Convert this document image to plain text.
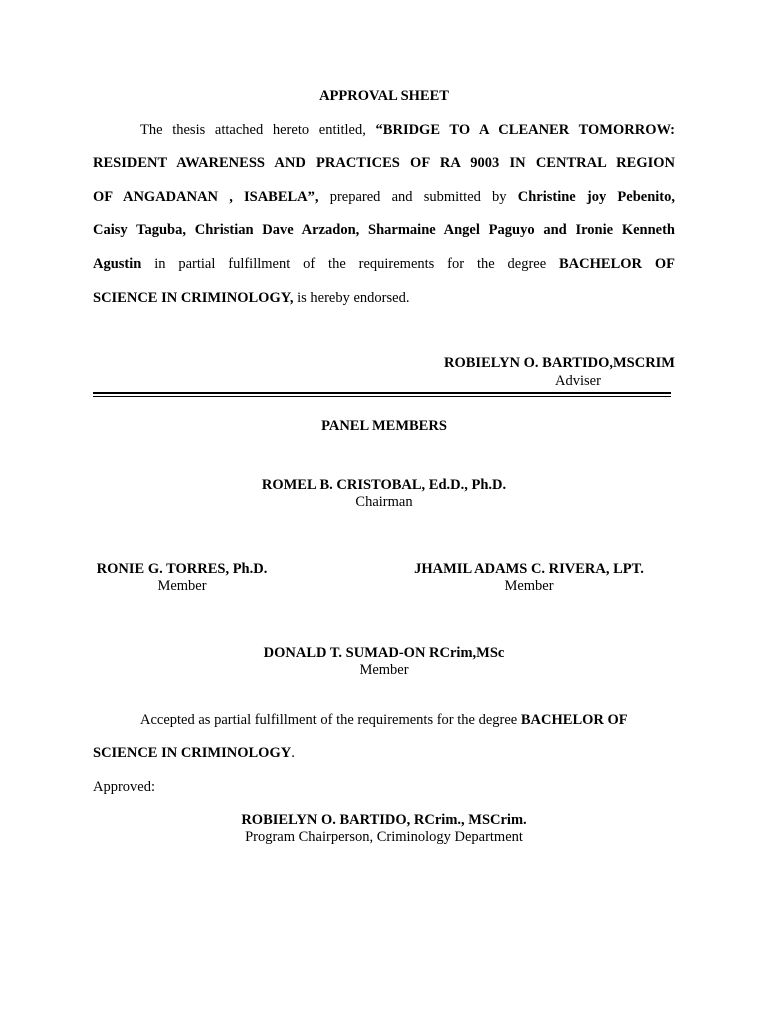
APPROVAL SHEET
The thesis attached hereto entitled, “BRIDGE TO A CLEANER TOMORROW:
RESIDENT AWARENESS AND PRACTICES OF RA 9003 IN CENTRAL REGION
OF ANGADANAN , ISABELA”, prepared and submitted by Christine joy Pebenito,
Caisy Taguba, Christian Dave Arzadon, Sharmaine Angel Paguyo and Ironie Kenneth
Agustin in partial fulfillment of the requirements for the degree BACHELOR OF
SCIENCE IN CRIMINOLOGY, is hereby endorsed.
ROBIELYN O. BARTIDO,MSCRIM
Adviser
PANEL MEMBERS
ROMEL B. CRISTOBAL, Ed.D., Ph.D.
Chairman
RONIE G. TORRES, Ph.D.
Member
JHAMIL ADAMS C. RIVERA, LPT.
Member
DONALD T. SUMAD-ON RCrim,MSc
Member
Accepted as partial fulfillment of the requirements for the degree BACHELOR OF
SCIENCE IN CRIMINOLOGY.
Approved:
ROBIELYN O. BARTIDO, RCrim., MSCrim.
Program Chairperson, Criminology Department
